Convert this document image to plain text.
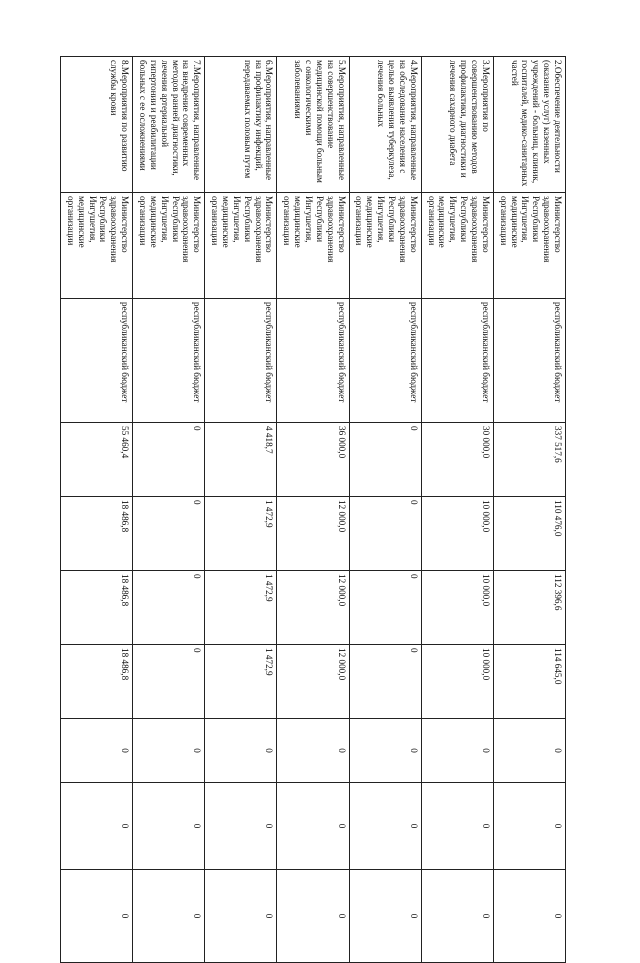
2.Обеспечение деятельности (оказание услуг) казенных учреждений - больниц, клиник, госпиталей, медико-санитарных частей	Министерство здравоохранения Республики Ингушетия, медицинские организации	республиканский бюджет	337 517,6	110 476,0	112 396,6	114 645,0	0	0	0

3.Мероприятия по совершенствованию методов профилактики, диагностики и лечения сахарного диабета	Министерство здравоохранения Республики Ингушетия, медицинские организации	республиканский бюджет	30 000,0	10 000,0	10 000,0	10 000,0	0	0	0

4.Мероприятия, направленные на обследование населения с целью выявления туберкулеза, лечения больных	Министерство здравоохранения Республики Ингушетия, медицинские организации	республиканский бюджет	0	0	0	0	0	0	0

5.Мероприятия, направленные на совершенствование медицинской помощи больным с онкологическими заболеваниями	Министерство здравоохранения Республики Ингушетия, медицинские организации	республиканский бюджет	36 000,0	12 000,0	12 000,0	12 000,0	0	0	0

6.Мероприятия, направленные на профилактику инфекций, передаваемых половым путем	Министерство здравоохранения Республики Ингушетия, медицинские организации	республиканский бюджет	4 418,7	1 472,9	1 472,9	1 472,9	0	0	0

7.Мероприятия, направленные на внедрение современных методов ранней диагностики, лечения артериальной гипертонии и реабилитации больных с ее осложнениями	Министерство здравоохранения Республики Ингушетия, медицинские организации	республиканский бюджет	0	0	0	0	0	0	0

8.Мероприятия по развитию службы крови	Министерство здравоохранения Республики Ингушетия, медицинские организации	республиканский бюджет	55 460,4	18 486,8	18 486,8	18 486,8	0	0	0
